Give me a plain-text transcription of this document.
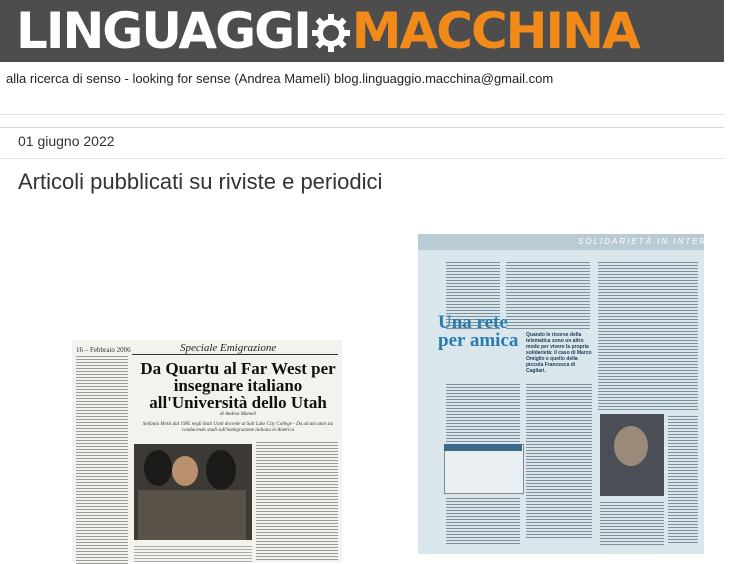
LINGUAGGI MACCHINA
alla ricerca di senso - looking for sense (Andrea Mameli) blog.linguaggio.macchina@gmail.com
01 giugno 2022
Articoli pubblicati su riviste e periodici
16 – Febbraio 2006	Speciale Emigrazione
Da Quartu al Far West per insegnare italiano all'Università dello Utah
di Andrea Mameli
Stefania Melis dal 1985 negli Stati Uniti docente al Salt Lake City College - Da alcuni anni sta conducendo studi sull'immigrazione italiana in America
SOLIDARIETÀ IN INTERNET
Una rete per amica	Quando le risorse della telematica sono un altro modo per vivere la propria solidarietà: il caso di Marco Omiglio e quello della piccola Francesca di Cagliari.
